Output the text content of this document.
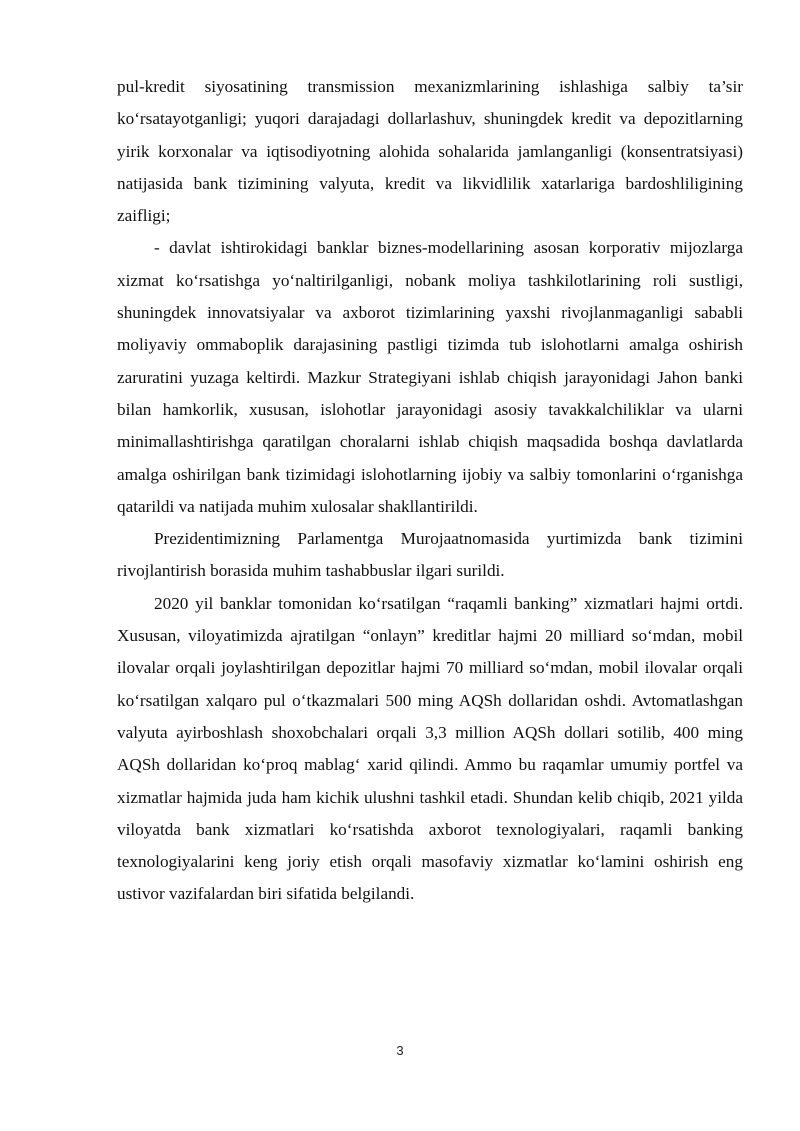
pul-kredit siyosatining transmission mexanizmlarining ishlashiga salbiy ta’sir ko‘rsatayotganligi; yuqori darajadagi dollarlashuv, shuningdek kredit va depozitlarning yirik korxonalar va iqtisodiyotning alohida sohalarida jamlanganligi (konsentratsiyasi) natijasida bank tizimining valyuta, kredit va likvidlilik xatarlariga bardoshliligining zaifligi;

- davlat ishtirokidagi banklar biznes-modellarining asosan korporativ mijozlarga xizmat ko‘rsatishga yo‘naltirilganligi, nobank moliya tashkilotlarining roli sustligi, shuningdek innovatsiyalar va axborot tizimlarining yaxshi rivojlanmaganligi sababli moliyaviy ommaboplik darajasining pastligi tizimda tub islohotlarni amalga oshirish zaruratini yuzaga keltirdi. Mazkur Strategiyani ishlab chiqish jarayonidagi Jahon banki bilan hamkorlik, xususan, islohotlar jarayonidagi asosiy tavakkalchiliklar va ularni minimallashtirishga qaratilgan choralarni ishlab chiqish maqsadida boshqa davlatlarda amalga oshirilgan bank tizimidagi islohotlarning ijobiy va salbiy tomonlarini o‘rganishga qatarildi va natijada muhim xulosalar shakllantirildi.

Prezidentimizning Parlamentga Murojaatnomasida yurtimizda bank tizimini rivojlantirish borasida muhim tashabbuslar ilgari surildi.

2020 yil banklar tomonidan ko‘rsatilgan “raqamli banking” xizmatlari hajmi ortdi. Xususan, viloyatimizda ajratilgan “onlayn” kreditlar hajmi 20 milliard so‘mdan, mobil ilovalar orqali joylashtirilgan depozitlar hajmi 70 milliard so‘mdan, mobil ilovalar orqali ko‘rsatilgan xalqaro pul o‘tkazmalari 500 ming AQSh dollaridan oshdi. Avtomatlashgan valyuta ayirboshlash shoxobchalari orqali 3,3 million AQSh dollari sotilib, 400 ming AQSh dollaridan ko‘proq mablag‘ xarid qilindi. Ammo bu raqamlar umumiy portfel va xizmatlar hajmida juda ham kichik ulushni tashkil etadi. Shundan kelib chiqib, 2021 yilda viloyatda bank xizmatlari ko‘rsatishda axborot texnologiyalari, raqamli banking texnologiyalarini keng joriy etish orqali masofaviy xizmatlar ko‘lamini oshirish eng ustivor vazifalardan biri sifatida belgilandi.

3
